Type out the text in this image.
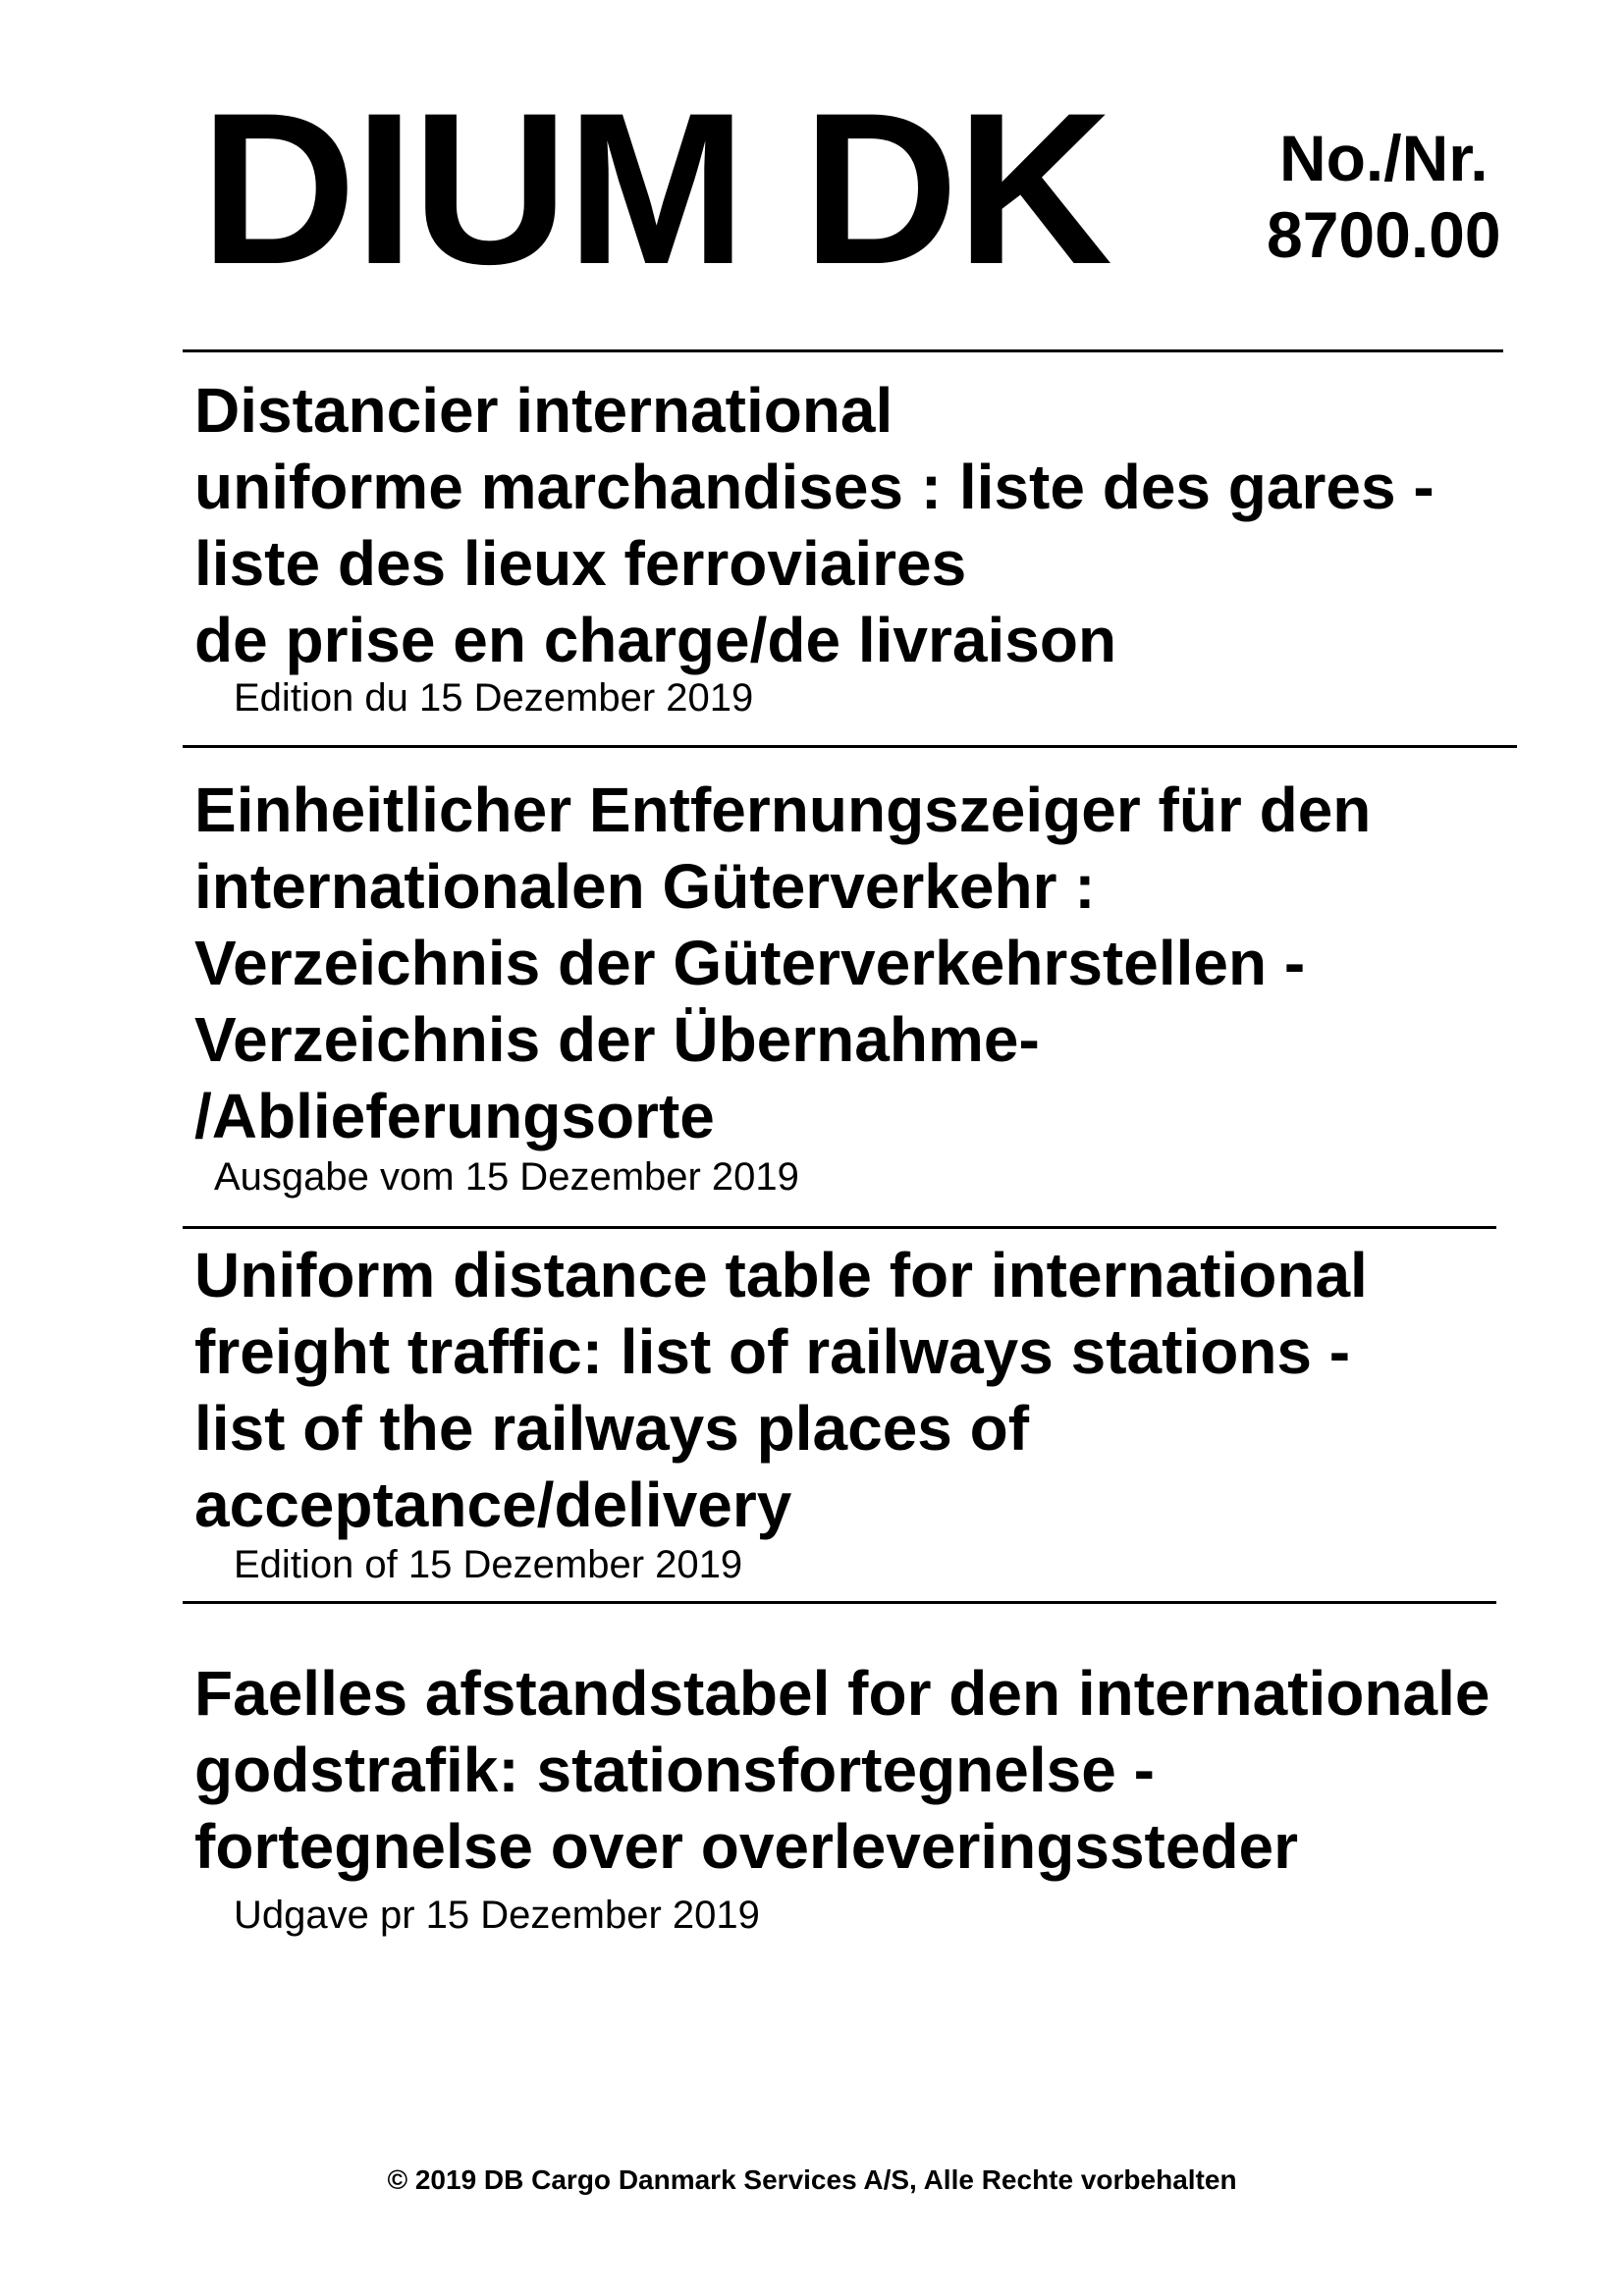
DIUM DK	No./Nr.
8700.00
Distancier international
uniforme marchandises : liste des gares -
liste des lieux ferroviaires
de prise en charge/de livraison
Edition du 15 Dezember 2019
Einheitlicher Entfernungszeiger für den
internationalen Güterverkehr :
Verzeichnis der Güterverkehrstellen -
Verzeichnis der Übernahme-
/Ablieferungsorte
Ausgabe vom 15 Dezember 2019
Uniform distance table for international
freight traffic: list of railways stations -
list of the railways places of
acceptance/delivery
Edition of 15 Dezember 2019
Faelles afstandstabel for den internationale
godstrafik: stationsfortegnelse -
fortegnelse over overleveringssteder
Udgave pr 15 Dezember 2019
© 2019 DB Cargo Danmark Services A/S, Alle Rechte vorbehalten
